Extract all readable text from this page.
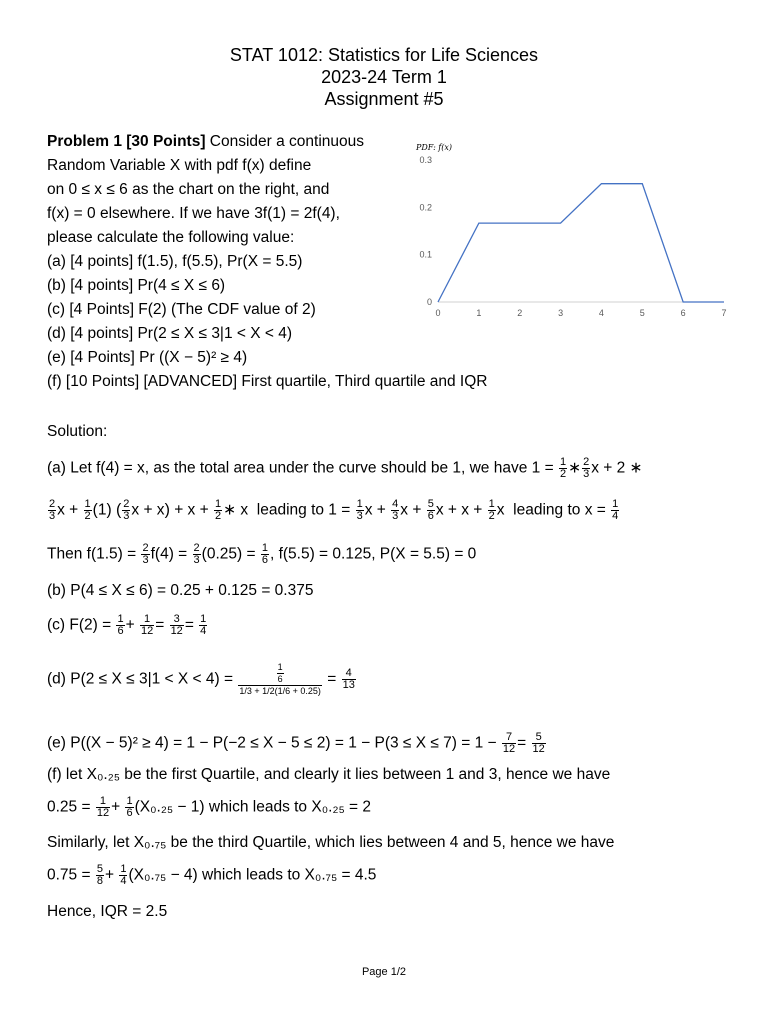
STAT 1012: Statistics for Life Sciences
2023-24 Term 1
Assignment #5
Problem 1 [30 Points] Consider a continuous
Random Variable X with pdf f(x) define
on 0 ≤ x ≤ 6 as the chart on the right, and
f(x) = 0 elsewhere. If we have 3f(1) = 2f(4),
please calculate the following value:
(a) [4 points] f(1.5), f(5.5), Pr(X = 5.5)
(b) [4 points] Pr(4 ≤ X ≤ 6)
(c) [4 Points] F(2) (The CDF value of 2)
(d) [4 points] Pr(2 ≤ X ≤ 3|1 < X < 4)
(e) [4 Points] Pr ((X − 5)² ≥ 4)
(f) [10 Points] [ADVANCED] First quartile, Third quartile and IQR
PDF: f(x)
0
0.1
0.2
0.3
0	1	2	3	4	5	6	7
Solution:
(a) Let f(4) = x, as the total area under the curve should be 1, we have $1 = \frac{1}{2}$ ∗ $\frac{2}{3}$ x + 2 ∗
$\frac{2}{3}$ $x + \frac{1}{2} (1)$ ( $\frac{2}{3}$ $x + x) + x + \frac{1}{2}$ ∗ x leading to $1 = \frac{1}{3}$ $x + \frac{4}{3}$ $x + \frac{5}{6}$ $x + x + \frac{1}{2}$ x  leading to $x = \frac{1}{4}$
Then $f(1.5) = \frac{2}{3} f(4) = \frac{2}{3} (0.25) = \frac{1}{6}$ , f(5.5) = 0.125, P(X = 5.5) = 0
(b) P(4 ≤ X ≤ 6) = 0.25 + 0.125 = 0.375
(c) $F(2) = \frac{1}{6} + \frac{1}{12} = \frac{3}{12} = \frac{1}{4}$
(d) $P(2 \le X \le 3|1 < X < 4) = \frac{\frac{1}{6}}{1/3 + 1/2(1/6 + 0.25)} = \frac{4}{13}$
(e) $P((X - 5)^2 \ge 4) = 1 - P(-2 \le X - 5 \le 2) = 1 - P(3 \le X \le 7) = 1 - \frac{7}{12} = \frac{5}{12}$
(f) let X₀.₂₅ be the first Quartile, and clearly it lies between 1 and 3, hence we have
$0.25 = \frac{1}{12} + \frac{1}{6} (X_0._{25} - 1)$ which leads to X₀.₂₅ = 2
Similarly, let X₀.₇₅ be the third Quartile, which lies between 4 and 5, hence we have
$0.75 = \frac{5}{8} + \frac{1}{4} (X_0._{75} - 4)$ which leads to X₀.₇₅ = 4.5
Hence, IQR = 2.5
Page 1/2
